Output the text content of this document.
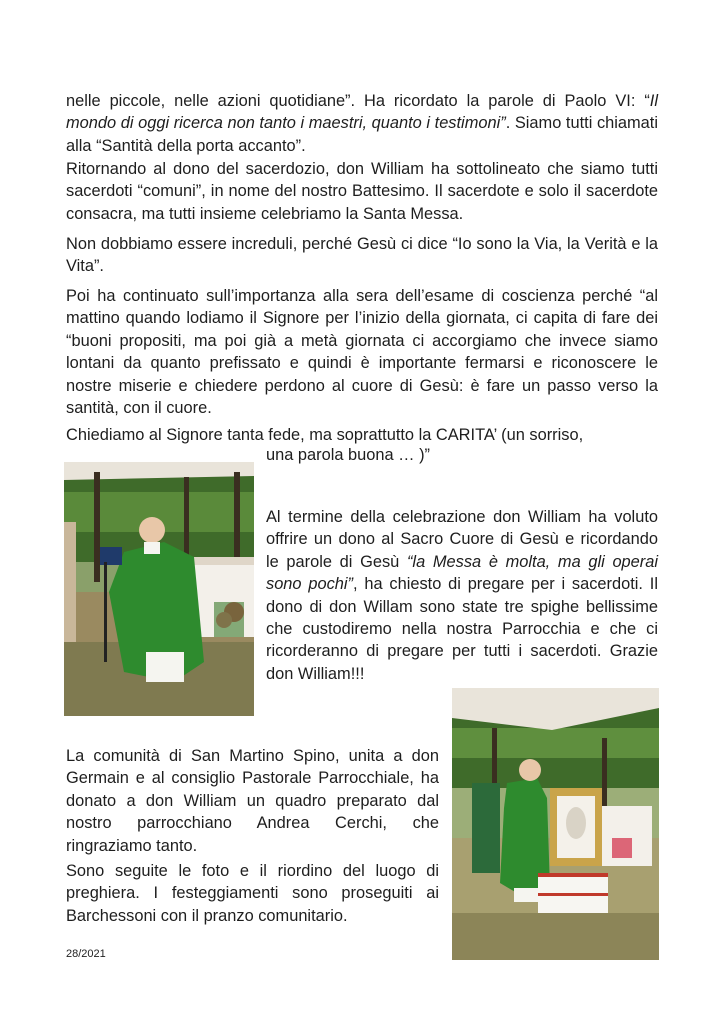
nelle piccole, nelle azioni quotidiane”. Ha ricordato la parole di Paolo VI: “Il mondo di oggi ricerca non tanto i maestri, quanto i testimoni”. Siamo tutti chiamati alla “Santità della porta accanto”.

Ritornando al dono del sacerdozio, don William ha sottolineato che siamo tutti sacerdoti “comuni”, in nome del nostro Battesimo. Il sacerdote e solo il sacerdote consacra, ma tutti insieme celebriamo la Santa Messa.

Non dobbiamo essere increduli, perché Gesù ci dice “Io sono la Via, la Verità e la Vita”.

Poi ha continuato sull’importanza alla sera dell’esame di coscienza perché “al mattino quando lodiamo il Signore per l’inizio della giornata, ci capita di fare dei “buoni propositi, ma poi già a metà giornata ci accorgiamo che invece siamo lontani da quanto prefissato e quindi è importante fermarsi e riconoscere le nostre miserie e chiedere perdono al cuore di Gesù: è fare un passo verso la santità, con il cuore.

Chiediamo al Signore tanta fede, ma soprattutto la CARITA’ (un sorriso,

una parola buona … )”

Al termine della celebrazione don William ha voluto offrire un dono al Sacro Cuore di Gesù e ricordando le parole di Gesù “la Messa è molta, ma gli operai sono pochi”, ha chiesto di pregare per i sacerdoti. Il dono di don Willam sono state tre spighe bellissime che custodiremo nella nostra Parrocchia e che ci ricorderanno di pregare per tutti i sacerdoti. Grazie don William!!!

La comunità di San Martino Spino, unita a don Germain e al consiglio Pastorale Parrocchiale, ha donato a don William un quadro preparato dal nostro parrocchiano Andrea Cerchi, che ringraziamo tanto.

Sono seguite le foto e il riordino del luogo di preghiera. I festeggiamenti sono proseguiti ai Barchessoni con il pranzo comunitario.

28/2021
